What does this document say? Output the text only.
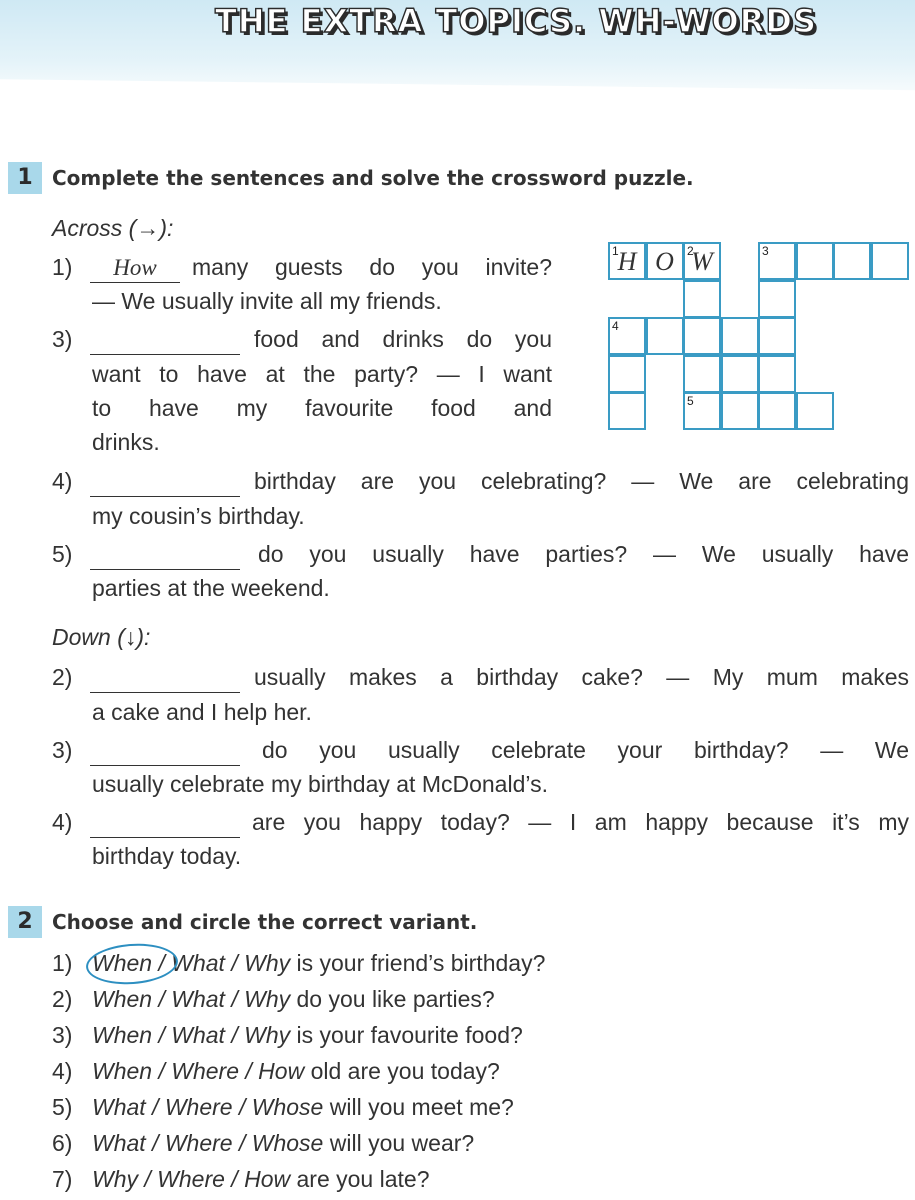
THE EXTRA TOPICS. WH-WORDS
1 Complete the sentences and solve the crossword puzzle.
Across (→):
1)	How	many guests do you invite?
— We usually invite all my friends.
3)	food and drinks do you
want to have at the party? — I want
to have my favourite food and
drinks.
4)	birthday are you celebrating? — We are celebrating
my cousin’s birthday.
5)	do you usually have parties? — We usually have
parties at the weekend.
Down (↓):
2)	usually makes a birthday cake? — My mum makes
a cake and I help her.
3)	do you usually celebrate your birthday? — We
usually celebrate my birthday at McDonald’s.
4)	are you happy today? — I am happy because it’s my
birthday today.
1
H O	2
W	3
4
5
2 Choose and circle the correct variant.
1) When / What / Why is your friend’s birthday?
2) When / What / Why do you like parties?
3) When / What / Why is your favourite food?
4) When / Where / How old are you today?
5) What / Where / Whose will you meet me?
6) What / Where / Whose will you wear?
7) Why / Where / How are you late?
